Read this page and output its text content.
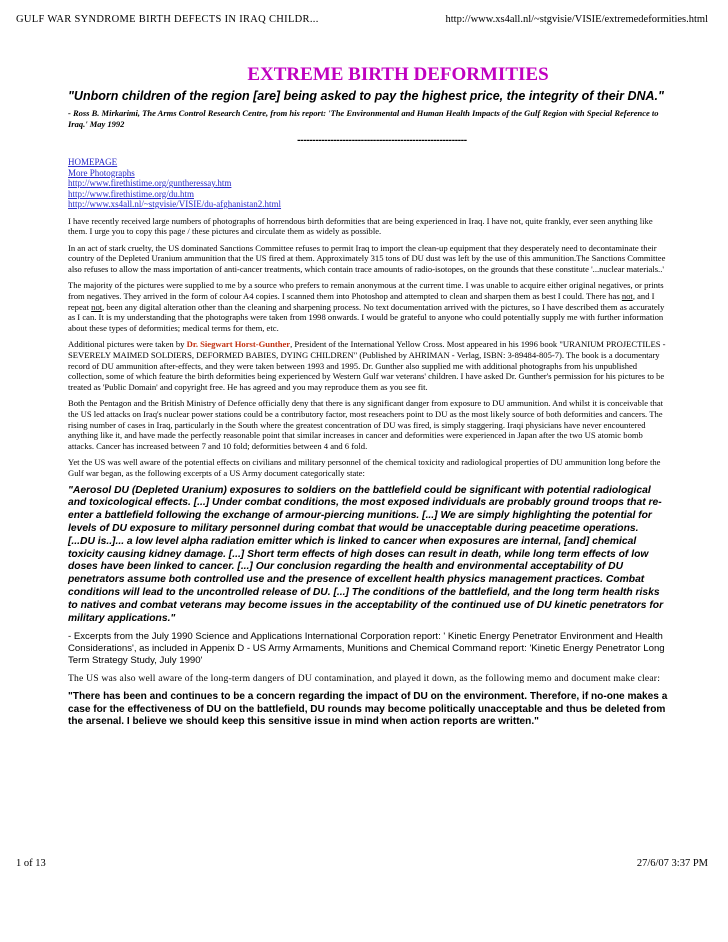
GULF WAR SYNDROME BIRTH DEFECTS IN IRAQ CHILDR...	http://www.xs4all.nl/~stgvisie/VISIE/extremedeformities.html
EXTREME BIRTH DEFORMITIES

"Unborn children of the region [are] being asked to pay the highest price, the integrity of their DNA."

- Ross B. Mirkarimi, The Arms Control Research Centre, from his report: 'The Environmental and Human Health Impacts of the Gulf Region with Special Reference to Iraq.' May 1992

--------------------------------------------------------
HOMEPAGE
More Photographs
http://www.firethistime.org/guntheressay.htm
http://www.firethistime.org/du.htm
http://www.xs4all.nl/~stgvisie/VISIE/du-afghanistan2.html

I have recently received large numbers of photographs of horrendous birth deformities that are being experienced in Iraq. I have not, quite frankly, ever seen anything like them. I urge you to copy this page / these pictures and circulate them as widely as possible.

In an act of stark cruelty, the US dominated Sanctions Committee refuses to permit Iraq to import the clean-up equipment that they desperately need to decontaminate their country of the Depleted Uranium ammunition that the US fired at them. Approximately 315 tons of DU dust was left by the use of this ammunition.The Sanctions Committee also refuses to allow the mass importation of anti-cancer treatments, which contain trace amounts of radio-isotopes, on the grounds that these constitute '...nuclear materials..'

The majority of the pictures were supplied to me by a source who prefers to remain anonymous at the current time. I was unable to acquire either original negatives, or prints from negatives. They arrived in the form of colour A4 copies. I scanned them into Photoshop and attempted to clean and sharpen them as best I could. There has not, and I repeat not, been any digital alteration other than the cleaning and sharpening process. No text documentation arrived with the pictures, so I have described them as accurately as I can. It is my understanding that the photographs were taken from 1998 onwards. I would be grateful to anyone who could potentially supply me with further information about these types of deformities; medical terms for them, etc.

Additional pictures were taken by Dr. Siegwart Horst-Gunther, President of the International Yellow Cross. Most appeared in his 1996 book "URANIUM PROJECTILES - SEVERELY MAIMED SOLDIERS, DEFORMED BABIES, DYING CHILDREN" (Published by AHRIMAN - Verlag, ISBN: 3-89484-805-7). The book is a documentary record of DU ammunition after-effects, and they were taken between 1993 and 1995. Dr. Gunther also supplied me with additional photographs from his unpublished collection, some of which feature the birth deformities being experienced by Western Gulf war veterans' children. I have asked Dr. Gunther's permission for his pictures to be treated as 'Public Domain' and copyright free. He has agreed and you may reproduce them as you see fit.

Both the Pentagon and the British Ministry of Defence officially deny that there is any significant danger from exposure to DU ammunition. And whilst it is conceivable that the US led attacks on Iraq's nuclear power stations could be a contributory factor, most reseachers point to DU as the most likely source of both deformities and cancers. The rising number of cases in Iraq, particularly in the South where the greatest concentration of DU was fired, is simply staggering. Iraqi physicians have never encountered anything like it, and have made the perfectly reasonable point that similar increases in cancer and deformities were experienced in Japan after the two US atomic bomb attacks. Cancer has increased between 7 and 10 fold; deformities between 4 and 6 fold.

Yet the US was well aware of the potential effects on civilians and military personnel of the chemical toxicity and radiological properties of DU ammunition long before the Gulf war began, as the following excerpts of a US Army document categorically state:

"Aerosol DU (Depleted Uranium) exposures to soldiers on the battlefield could be significant with potential radiological and toxicological effects. [...] Under combat conditions, the most exposed individuals are probably ground troops that re-enter a battlefield following the exchange of armour-piercing munitions. [...] We are simply highlighting the potential for levels of DU exposure to military personnel during combat that would be unacceptable during peacetime operations. [...DU is..]... a low level alpha radiation emitter which is linked to cancer when exposures are internal, [and] chemical toxicity causing kidney damage. [...] Short term effects of high doses can result in death, while long term effects of low doses have been linked to cancer. [...] Our conclusion regarding the health and environmental acceptability of DU penetrators assume both controlled use and the presence of excellent health physics management practices. Combat conditions will lead to the uncontrolled release of DU. [...] The conditions of the battlefield, and the long term health risks to natives and combat veterans may become issues in the acceptability of the continued use of DU kinetic penetrators for military applications."

- Excerpts from the July 1990 Science and Applications International Corporation report: ' Kinetic Energy Penetrator Environment and Health Considerations', as included in Appenix D - US Army Armaments, Munitions and Chemical Command report: 'Kinetic Energy Penetrator Long Term Strategy Study, July 1990'

The US was also well aware of the long-term dangers of DU contamination, and played it down, as the following memo and document make clear:

"There has been and continues to be a concern regarding the impact of DU on the environment. Therefore, if no-one makes a case for the effectiveness of DU on the battlefield, DU rounds may become politically unacceptable and thus be deleted from the arsenal. I believe we should keep this sensitive issue in mind when action reports are written."

1 of 13	27/6/07 3:37 PM
